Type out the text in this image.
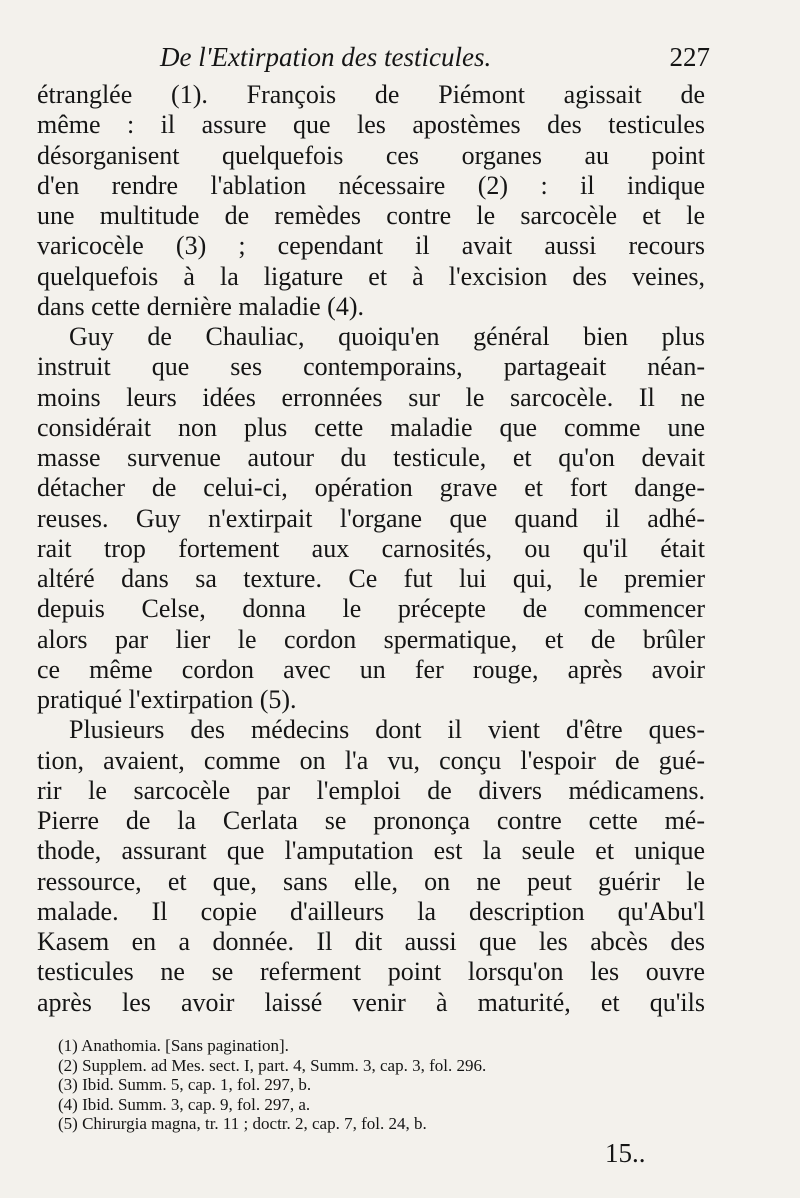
De l'Extirpation des testicules.	227
étranglée (1). François de Piémont agissait de
même : il assure que les apostèmes des testicules
désorganisent quelquefois ces organes au point
d'en rendre l'ablation nécessaire (2) : il indique
une multitude de remèdes contre le sarcocèle et le
varicocèle (3) ; cependant il avait aussi recours
quelquefois à la ligature et à l'excision des veines,
dans cette dernière maladie (4).
Guy de Chauliac, quoiqu'en général bien plus
instruit que ses contemporains, partageait néan-
moins leurs idées erronnées sur le sarcocèle. Il ne
considérait non plus cette maladie que comme une
masse survenue autour du testicule, et qu'on devait
détacher de celui-ci, opération grave et fort dange-
reuses. Guy n'extirpait l'organe que quand il adhé-
rait trop fortement aux carnosités, ou qu'il était
altéré dans sa texture. Ce fut lui qui, le premier
depuis Celse, donna le précepte de commencer
alors par lier le cordon spermatique, et de brûler
ce même cordon avec un fer rouge, après avoir
pratiqué l'extirpation (5).
Plusieurs des médecins dont il vient d'être ques-
tion, avaient, comme on l'a vu, conçu l'espoir de gué-
rir le sarcocèle par l'emploi de divers médicamens.
Pierre de la Cerlata se prononça contre cette mé-
thode, assurant que l'amputation est la seule et unique
ressource, et que, sans elle, on ne peut guérir le
malade. Il copie d'ailleurs la description qu'Abu'l
Kasem en a donnée. Il dit aussi que les abcès des
testicules ne se referment point lorsqu'on les ouvre
après les avoir laissé venir à maturité, et qu'ils
(1) Anathomia. [Sans pagination].
(2) Supplem. ad Mes. sect. I, part. 4, Summ. 3, cap. 3, fol. 296.
(3) Ibid. Summ. 5, cap. 1, fol. 297, b.
(4) Ibid. Summ. 3, cap. 9, fol. 297, a.
(5) Chirurgia magna, tr. 11 ; doctr. 2, cap. 7, fol. 24, b.
15..
